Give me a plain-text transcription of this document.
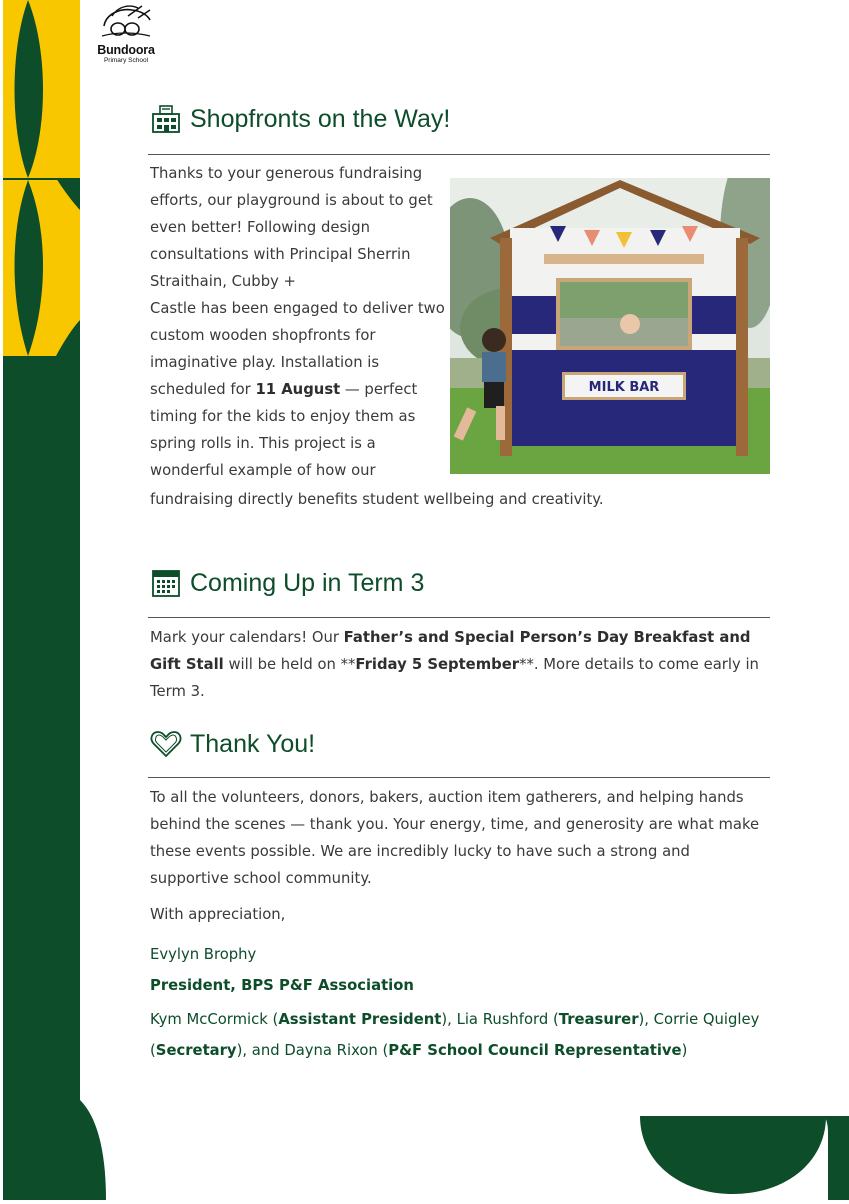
Bundoora
Primary School
Shopfronts on the Way!

Thanks to your generous fundraising efforts, our playground is about to get even better! Following design consultations with Principal Sherrin Straithain, Cubby +
Castle has been engaged to deliver two custom wooden shopfronts for imaginative play. Installation is scheduled for 11 August — perfect timing for the kids to enjoy them as spring rolls in. This project is a wonderful example of how our

fundraising directly benefits student wellbeing and creativity.

MILK BAR
Coming Up in Term 3

Mark your calendars! Our Father’s and Special Person’s Day Breakfast and Gift Stall will be held on **Friday 5 September**. More details to come early in Term 3.

Thank You!

To all the volunteers, donors, bakers, auction item gatherers, and helping hands behind the scenes — thank you. Your energy, time, and generosity are what make these events possible. We are incredibly lucky to have such a strong and supportive school community.

With appreciation,

Evylyn Brophy

President, BPS P&F Association

Kym McCormick (Assistant President), Lia Rushford (Treasurer), Corrie Quigley (Secretary), and Dayna Rixon (P&F School Council Representative)
